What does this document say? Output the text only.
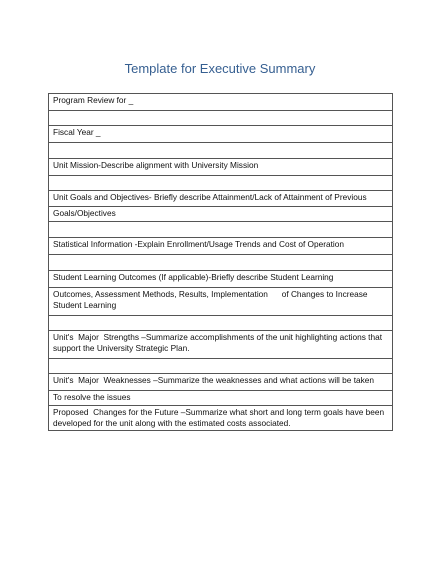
Template for Executive Summary
Program Review for _

Fiscal Year _

Unit Mission-Describe alignment with University Mission

Unit Goals and Objectives- Briefly describe Attainment/Lack of Attainment of Previous
Goals/Objectives

Statistical Information -Explain Enrollment/Usage Trends and Cost of Operation

Student Learning Outcomes (If applicable)-Briefly describe Student Learning
Outcomes, Assessment Methods, Results, Implementation      of Changes to Increase Student Learning

Unit's  Major  Strengths –Summarize accomplishments of the unit highlighting actions that support the University Strategic Plan.

Unit's  Major  Weaknesses –Summarize the weaknesses and what actions will be taken
To resolve the issues
Proposed  Changes for the Future –Summarize what short and long term goals have been developed for the unit along with the estimated costs associated.
